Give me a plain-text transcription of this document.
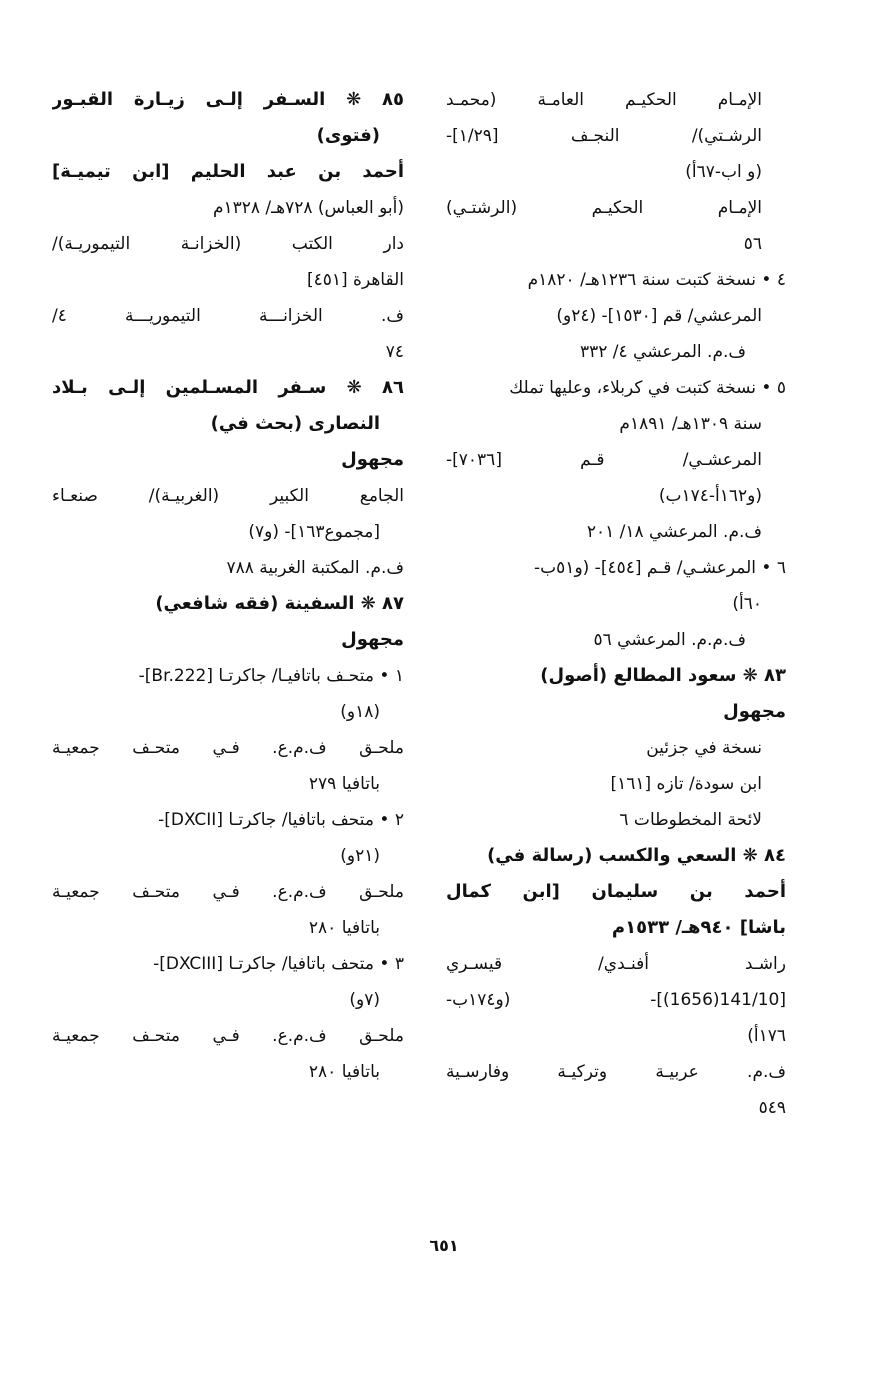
الإمـام الحكيـم العامـة (محمـد
الرشـتي)/ النجـف [١/٢٩]-
(و اب-٦٧أ)
الإمـام الحكيـم (الرشتـي)
٥٦
٤ • نسخة كتبت سنة ١٢٣٦هـ/ ١٨٢٠م
المرعشي/ قم [١٥٣٠]- (٢٤و)
ف.م. المرعشي ٤/ ٣٣٢
٥ • نسخة كتبت في كربلاء، وعليها تملك
سنة ١٣٠٩هـ/ ١٨٩١م
المرعشـي/ قـم [٧٠٣٦]-
(و١٦٢أ-١٧٤ب)
ف.م. المرعشي ١٨/ ٢٠١
٦ • المرعشـي/ قـم [٤٥٤]- (و٥١ب-
٦٠أ)
ف.م.م. المرعشي ٥٦
٨٣ ❋ سعود المطالع (أصول)
مجهول
نسخة في جزئين
ابن سودة/ تازه [١٦١]
لائحة المخطوطات ٦
٨٤ ❋ السعي والكسب (رسالة في)
أحمد بن سليمان [ابن كمال
باشا] ٩٤٠هـ/ ١٥٣٣م
راشـد أفنـدي/ قيسـري
[141/10(1656)]- (و١٧٤ب-
١٧٦أ)
ف.م. عربيـة وتركيـة وفارسـية
٥٤٩
٨٥ ❋ السـفر إلـى زيـارة القبـور
(فتوى)
أحمد بن عبد الحليم [ابن تيميـة]
(أبو العباس) ٧٢٨هـ/ ١٣٢٨م
دار الكتب (الخزانـة التيموريـة)/
القاهرة [٤٥١]
ف. الخزانـــة التيموريـــة ٤/
٧٤
٨٦ ❋ سـفر المسـلمين إلـى بـلاد
النصارى (بحث في)
مجهول
الجامع الكبير (الغربيـة)/ صنعـاء
[مجموع١٦٣]- (و٧)
ف.م. المكتبة الغربية ٧٨٨
٨٧ ❋ السفينة (فقه شافعي)
مجهول
١ • متحـف باتافيـا/ جاكرتـا [Br.222]-
(١٨و)
ملحـق ف.م.ع. فـي متحـف جمعيـة
باتافيا ٢٧٩
٢ • متحف باتافيا/ جاكرتـا [DXCII]-
(٢١و)
ملحـق ف.م.ع. فـي متحـف جمعيـة
باتافيا ٢٨٠
٣ • متحف باتافيا/ جاكرتـا [DXCIII]-
(٧و)
ملحـق ف.م.ع. فـي متحـف جمعيـة
باتافيا ٢٨٠
٦٥١
